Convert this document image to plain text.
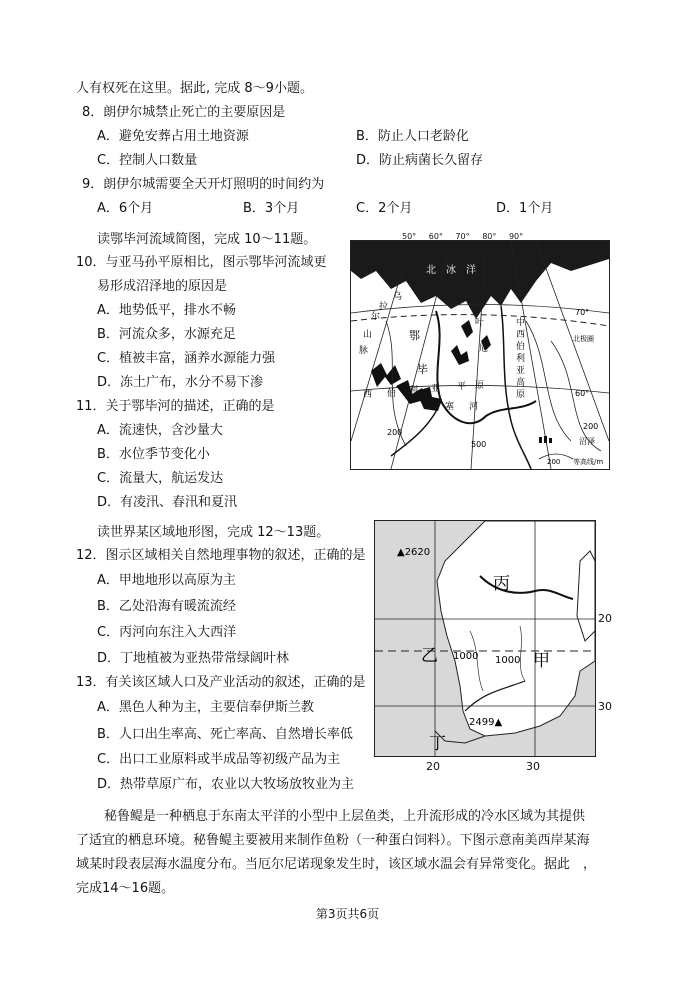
人有权死在这里。据此, 完成 8～9小题。
8．朗伊尔城禁止死亡的主要原因是
A．避免安葬占用土地资源	B．防止人口老龄化
C．控制人口数量	D．防止病菌长久留存
9．朗伊尔城需要全天开灯照明的时间约为
A．6个月	B．3个月	C．2个月	D．1个月
读鄂毕河流域简图，完成 10～11题。
10．与亚马孙平原相比，图示鄂毕河流域更
易形成沼泽地的原因是
A．地势低平，排水不畅
B．河流众多，水源充足
C．植被丰富，涵养水源能力强
D．冻土广布，水分不易下渗
11．关于鄂毕河的描述，正确的是
A．流速快，含沙量大
B．水位季节变化小
C．流量大，航运发达
D．有凌汛、春汛和夏汛
读世界某区域地形图，完成 12～13题。
12．图示区域相关自然地理事物的叙述，正确的是
A．甲地地形以高原为主
B．乙处沿海有暖流流经
C．丙河向东注入大西洋
D．丁地植被为亚热带常绿阔叶林
13．有关该区域人口及产业活动的叙述，正确的是
A．黑色人种为主，主要信奉伊斯兰教
B．人口出生率高、死亡率高、自然增长率低
C．出口工业原料或半成品等初级产品为主
D．热带草原广布，农业以大牧场放牧业为主
秘鲁鳀是一种栖息于东南太平洋的小型中上层鱼类，上升流形成的冷水区域为其提供
了适宜的栖息环境。秘鲁鳀主要被用来制作鱼粉（一种蛋白饲料）。下图示意南美西岸某海
域某时段表层海水温度分布。当厄尔尼诺现象发生时，该区域水温会有异常变化。据此　，
完成14～16题。
第3页共6页
北　冰　洋
70°
北极圈
60°
200
500
乌
拉
尔
山
脉
鄂
毕
叶
尼
中
西
伯
利
亚
高
原
西 伯 利 亚 平 原
塞 河
200
沼泽
200 等高线/m
50° 60° 70° 80° 90°
▲2620
2499▲
丙
乙	甲
丁
1000 1000
20
30
20	30
